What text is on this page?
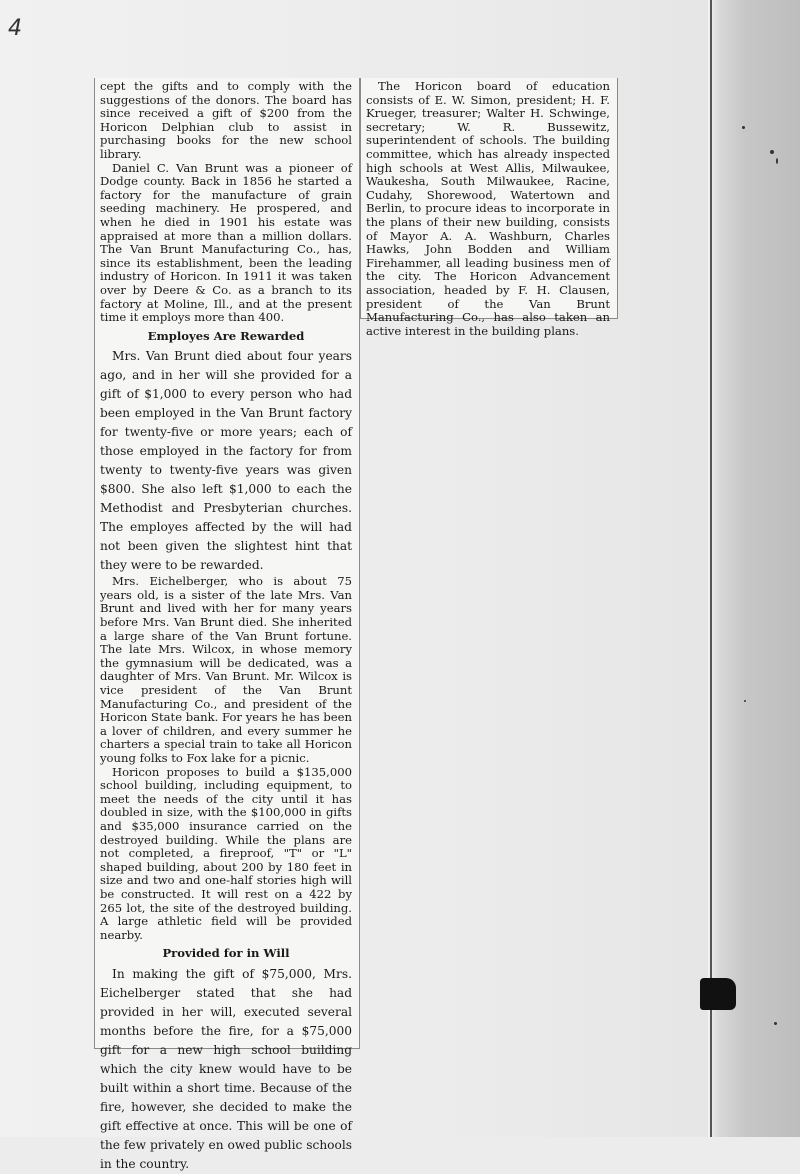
4

cept the gifts and to comply with the suggestions of the donors. The board has since received a gift of $200 from the Horicon Delphian club to assist in purchasing books for the new school library.

Daniel C. Van Brunt was a pioneer of Dodge county. Back in 1856 he started a factory for the manufacture of grain seeding machinery. He prospered, and when he died in 1901 his estate was appraised at more than a million dollars. The Van Brunt Manufacturing Co., has, since its establishment, been the leading industry of Horicon. In 1911 it was taken over by Deere & Co. as a branch to its factory at Moline, Ill., and at the present time it employs more than 400.

Employes Are Rewarded

Mrs. Van Brunt died about four years ago, and in her will she provided for a gift of $1,000 to every person who had been employed in the Van Brunt factory for twenty-five or more years; each of those employed in the factory for from twenty to twenty-five years was given $800. She also left $1,000 to each the Methodist and Presbyterian churches. The employes affected by the will had not been given the slightest hint that they were to be rewarded.

Mrs. Eichelberger, who is about 75 years old, is a sister of the late Mrs. Van Brunt and lived with her for many years before Mrs. Van Brunt died. She inherited a large share of the Van Brunt fortune. The late Mrs. Wilcox, in whose memory the gymnasium will be dedicated, was a daughter of Mrs. Van Brunt. Mr. Wilcox is vice president of the Van Brunt Manufacturing Co., and president of the Horicon State bank. For years he has been a lover of children, and every summer he charters a special train to take all Horicon young folks to Fox lake for a picnic.

Horicon proposes to build a $135,000 school building, including equipment, to meet the needs of the city until it has doubled in size, with the $100,000 in gifts and $35,000 insurance carried on the destroyed building. While the plans are not completed, a fireproof, "T" or "L" shaped building, about 200 by 180 feet in size and two and one-half stories high will be constructed. It will rest on a 422 by 265 lot, the site of the destroyed building. A large athletic field will be provided nearby.

Provided for in Will

In making the gift of $75,000, Mrs. Eichelberger stated that she had provided in her will, executed several months before the fire, for a $75,000 gift for a new high school building which the city knew would have to be built within a short time. Because of the fire, however, she decided to make the gift effective at once. This will be one of the few privately en owed public schools in the country.

The Horicon board of education consists of E. W. Simon, president; H. F. Krueger, treasurer; Walter H. Schwinge, secretary; W. R. Bussewitz, superintendent of schools. The building committee, which has already inspected high schools at West Allis, Milwaukee, Waukesha, South Milwaukee, Racine, Cudahy, Shorewood, Watertown and Berlin, to procure ideas to incorporate in the plans of their new building, consists of Mayor A. A. Washburn, Charles Hawks, John Bodden and William Firehammer, all leading business men of the city. The Horicon Advancement association, headed by F. H. Clausen, president of the Van Brunt Manufacturing Co., has also taken an active interest in the building plans.
